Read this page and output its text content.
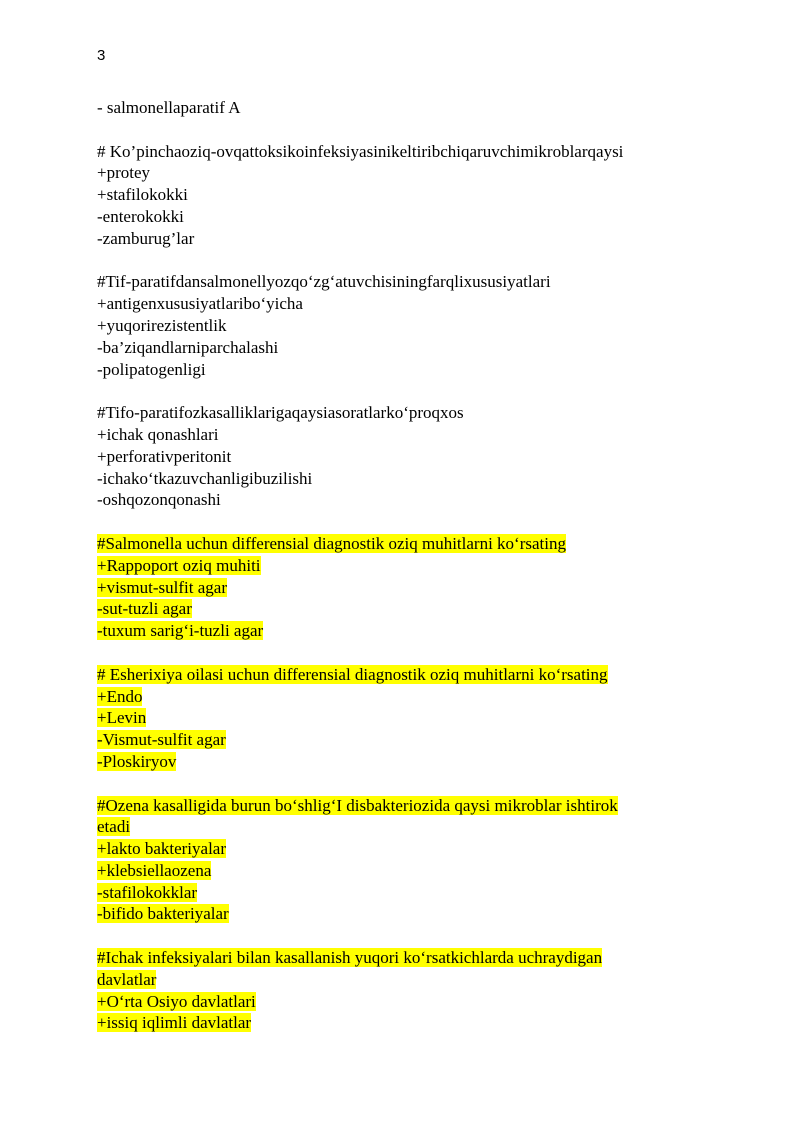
3
- salmonellaparatif A
# Ko’pinchaoziq-ovqattoksikoinfeksiyasinikeltiribchiqaruvchimikroblarqaysi
+protey
+stafilokokki
-enterokokki
-zamburug’lar
#Tif-paratifdansalmonellyozqo‘zg‘atuvchisiningfarqlixususiyatlari
+antigenxususiyatlaribo‘yicha
+yuqorirezistentlik
-ba’ziqandlarniparchalashi
-polipatogenligi
#Tifo-paratifozkasalliklarigaqaysiasoratlarko‘proqxos
+ichak qonashlari
+perforativperitonit
-ichako‘tkazuvchanligibuzilishi
-oshqozonqonashi
#Salmonella uchun differensial diagnostik oziq muhitlarni ko‘rsating
+Rappoport oziq muhiti
+vismut-sulfit agar
-sut-tuzli agar
-tuxum sarig‘i-tuzli agar
# Esherixiya oilasi uchun differensial diagnostik oziq muhitlarni ko‘rsating
+Endo
+Levin
-Vismut-sulfit agar
-Ploskiryov
#Ozena kasalligida burun bo‘shlig‘I disbakteriozida qaysi mikroblar ishtirok
etadi
+lakto bakteriyalar
+klebsiellaozena
-stafilokokklar
-bifido bakteriyalar
#Ichak infeksiyalari bilan kasallanish yuqori ko‘rsatkichlarda uchraydigan
davlatlar
+O‘rta Osiyo davlatlari
+issiq iqlimli davlatlar
